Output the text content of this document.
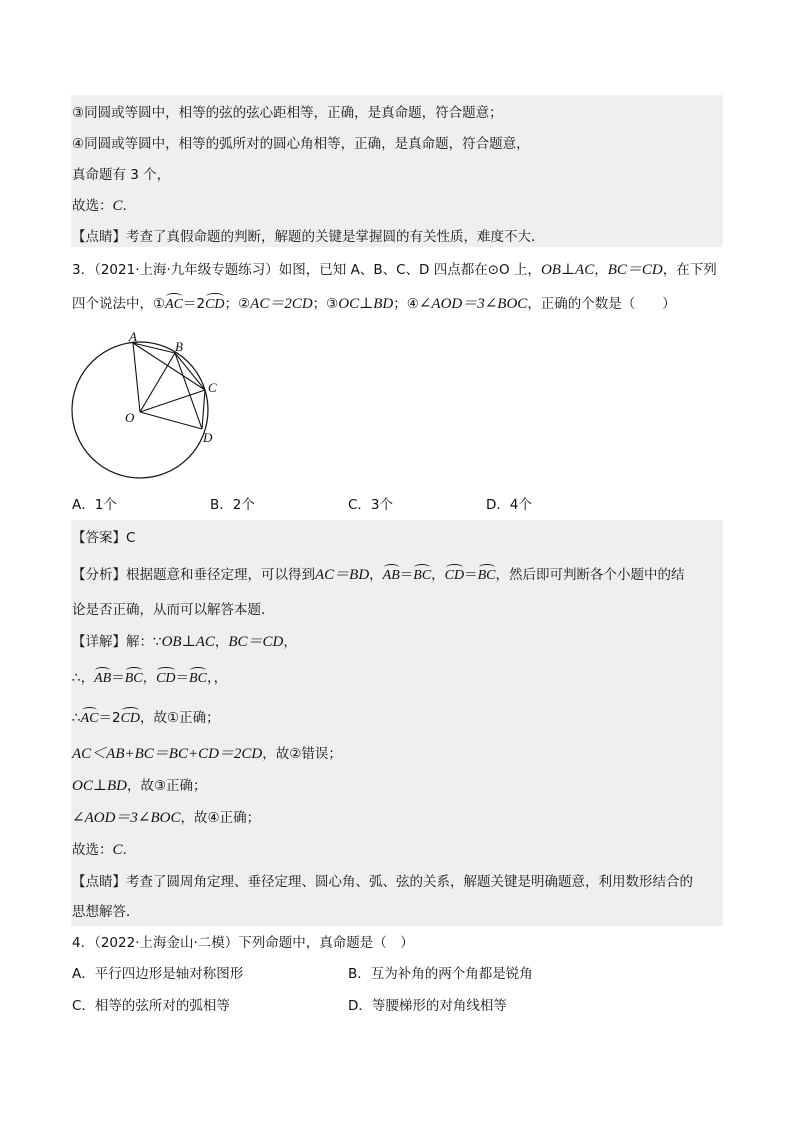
③同圆或等圆中，相等的弦的弦心距相等，正确，是真命题，符合题意；
④同圆或等圆中，相等的弧所对的圆心角相等，正确，是真命题，符合题意，
真命题有 3 个，
故选：C.
【点睛】考查了真假命题的判断，解题的关键是掌握圆的有关性质，难度不大．
3．（2021·上海·九年级专题练习）如图，已知 A、B、C、D 四点都在⊙O 上，OB⊥AC，BC＝CD，在下列
四个说法中，①AC＝2CD；②AC＝2CD；③OC⊥BD；④∠AOD＝3∠BOC，正确的个数是（　　）
A
B
C
D
O
A．1个	B．2个	C．3个	D．4个
【答案】C
【分析】根据题意和垂径定理，可以得到AC＝BD，AB＝BC，CD＝BC，然后即可判断各个小题中的结
论是否正确，从而可以解答本题．
【详解】解：∵OB⊥AC，BC＝CD，
∴，AB＝BC，CD＝BC，，
∴AC＝2CD，故①正确；
AC＜AB+BC＝BC+CD＝2CD，故②错误；
OC⊥BD，故③正确；
∠AOD＝3∠BOC，故④正确；
故选：C.
【点睛】考查了圆周角定理、垂径定理、圆心角、弧、弦的关系，解题关键是明确题意，利用数形结合的
思想解答．
4．（2022·上海金山·二模）下列命题中，真命题是（　）
A．平行四边形是轴对称图形	B．互为补角的两个角都是锐角
C．相等的弦所对的弧相等	D．等腰梯形的对角线相等
